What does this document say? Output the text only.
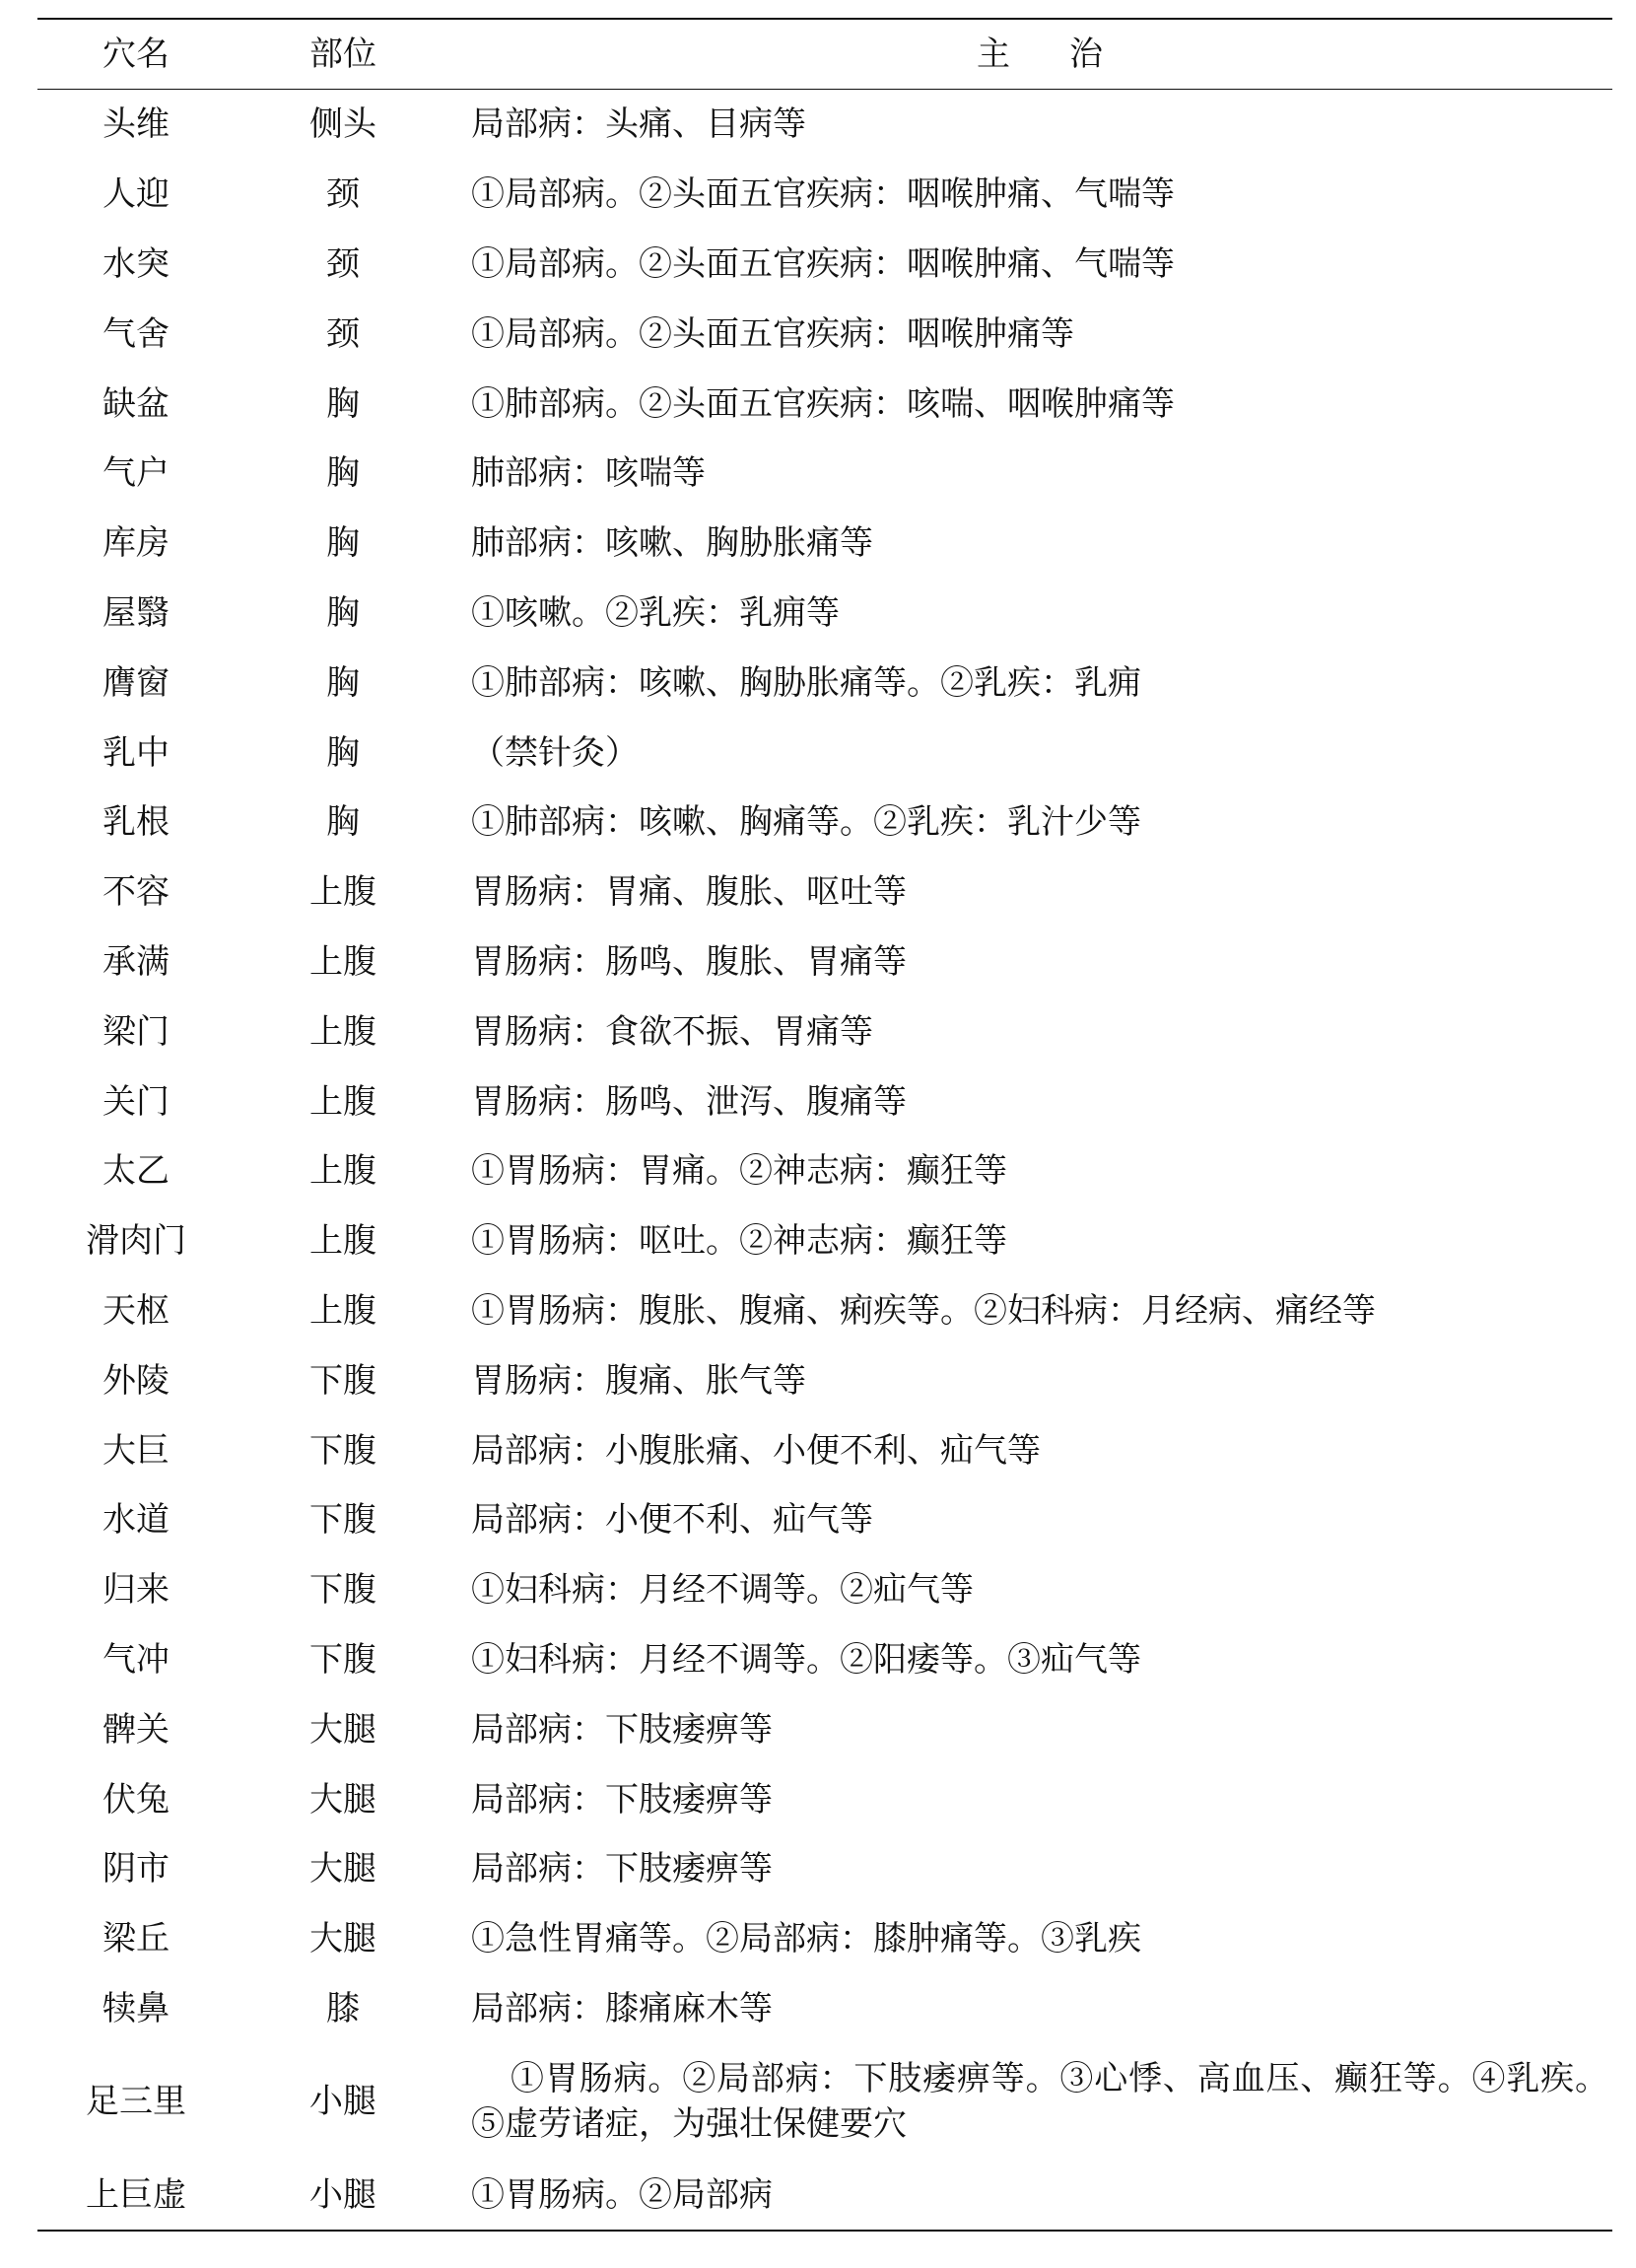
穴名	部位	主治
头维	侧头	局部病：头痛、目病等
人迎	颈	①局部病。②头面五官疾病：咽喉肿痛、气喘等
水突	颈	①局部病。②头面五官疾病：咽喉肿痛、气喘等
气舍	颈	①局部病。②头面五官疾病：咽喉肿痛等
缺盆	胸	①肺部病。②头面五官疾病：咳喘、咽喉肿痛等
气户	胸	肺部病：咳喘等
库房	胸	肺部病：咳嗽、胸胁胀痛等
屋翳	胸	①咳嗽。②乳疾：乳痈等
膺窗	胸	①肺部病：咳嗽、胸胁胀痛等。②乳疾：乳痈
乳中	胸	（禁针灸）
乳根	胸	①肺部病：咳嗽、胸痛等。②乳疾：乳汁少等
不容	上腹	胃肠病：胃痛、腹胀、呕吐等
承满	上腹	胃肠病：肠鸣、腹胀、胃痛等
梁门	上腹	胃肠病：食欲不振、胃痛等
关门	上腹	胃肠病：肠鸣、泄泻、腹痛等
太乙	上腹	①胃肠病：胃痛。②神志病：癫狂等
滑肉门	上腹	①胃肠病：呕吐。②神志病：癫狂等
天枢	上腹	①胃肠病：腹胀、腹痛、痢疾等。②妇科病：月经病、痛经等
外陵	下腹	胃肠病：腹痛、胀气等
大巨	下腹	局部病：小腹胀痛、小便不利、疝气等
水道	下腹	局部病：小便不利、疝气等
归来	下腹	①妇科病：月经不调等。②疝气等
气冲	下腹	①妇科病：月经不调等。②阳痿等。③疝气等
髀关	大腿	局部病：下肢痿痹等
伏兔	大腿	局部病：下肢痿痹等
阴市	大腿	局部病：下肢痿痹等
梁丘	大腿	①急性胃痛等。②局部病：膝肿痛等。③乳疾
犊鼻	膝	局部病：膝痛麻木等
足三里	小腿	①胃肠病。②局部病：下肢痿痹等。③心悸、高血压、癫狂等。④乳疾。⑤虚劳诸症，为强壮保健要穴
上巨虚	小腿	①胃肠病。②局部病
